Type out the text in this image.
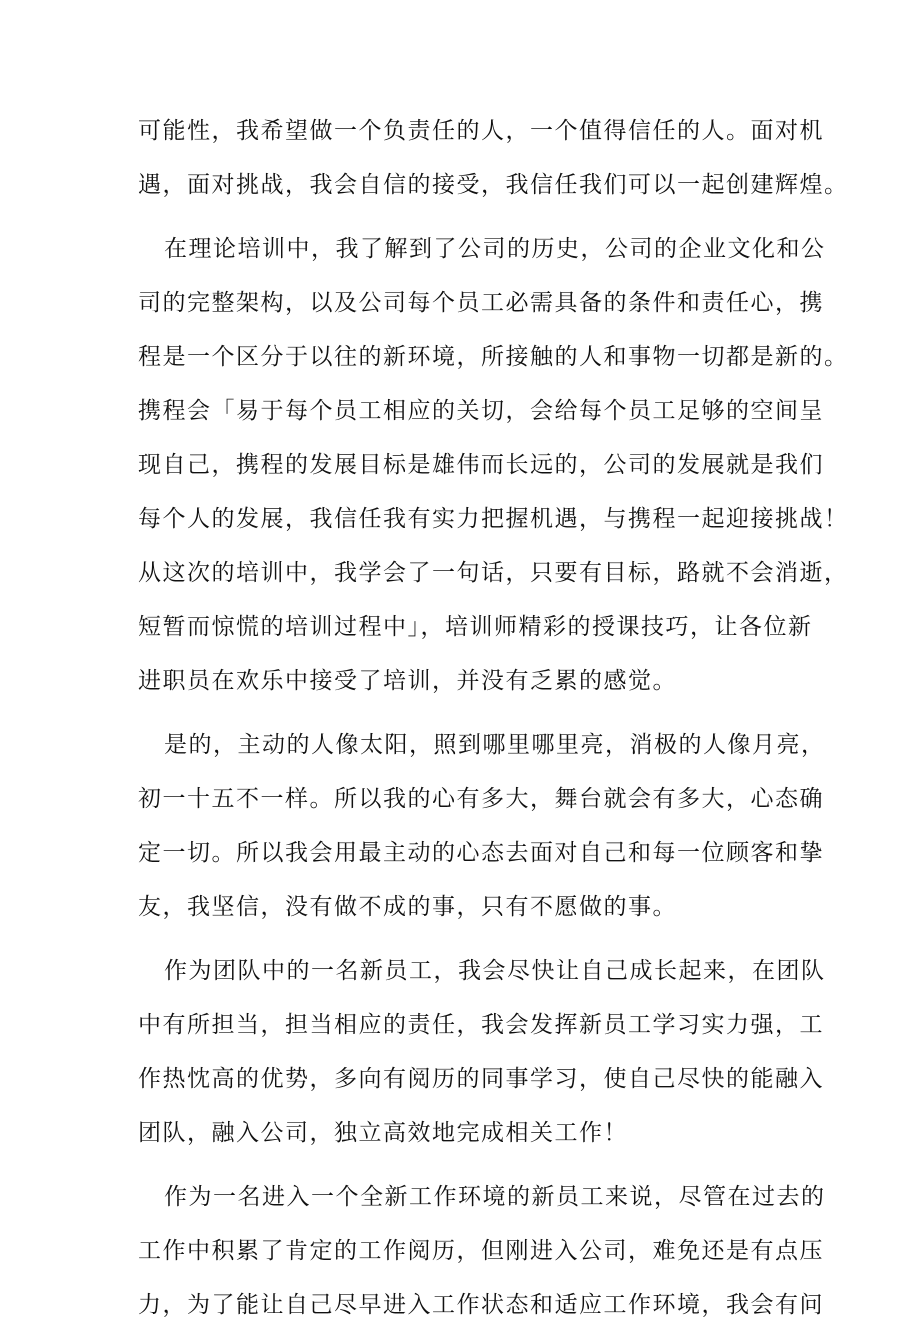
可能性，我希望做一个负责任的人，一个值得信任的人。面对机
遇，面对挑战，我会自信的接受，我信任我们可以一起创建辉煌。
在理论培训中，我了解到了公司的历史，公司的企业文化和公
司的完整架构，以及公司每个员工必需具备的条件和责任心，携
程是一个区分于以往的新环境，所接触的人和事物一切都是新的。
携程会「易于每个员工相应的关切，会给每个员工足够的空间呈
现自己，携程的发展目标是雄伟而长远的，公司的发展就是我们
每个人的发展，我信任我有实力把握机遇，与携程一起迎接挑战！
从这次的培训中，我学会了一句话，只要有目标，路就不会消逝，
短暂而惊慌的培训过程中」，培训师精彩的授课技巧，让各位新
进职员在欢乐中接受了培训，并没有乏累的感觉。
是的，主动的人像太阳，照到哪里哪里亮，消极的人像月亮，
初一十五不一样。所以我的心有多大，舞台就会有多大，心态确
定一切。所以我会用最主动的心态去面对自己和每一位顾客和挚
友，我坚信，没有做不成的事，只有不愿做的事。
作为团队中的一名新员工，我会尽快让自己成长起来，在团队
中有所担当，担当相应的责任，我会发挥新员工学习实力强，工
作热忱高的优势，多向有阅历的同事学习，使自己尽快的能融入
团队，融入公司，独立高效地完成相关工作！
作为一名进入一个全新工作环境的新员工来说，尽管在过去的
工作中积累了肯定的工作阅历，但刚进入公司，难免还是有点压
力，为了能让自己尽早进入工作状态和适应工作环境，我会有问
